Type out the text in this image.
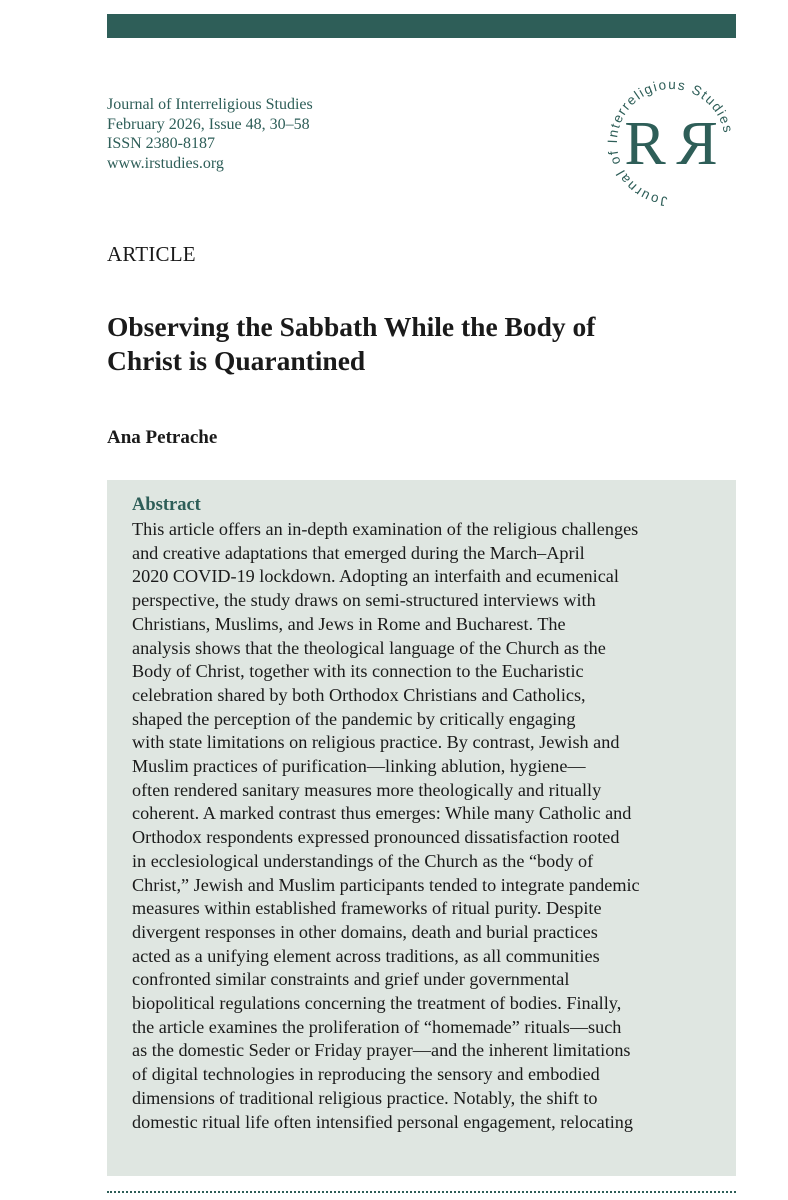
Journal of Interreligious Studies
February 2026, Issue 48, 30–58
ISSN 2380-8187
www.irstudies.org
Journal of Interreligious Studies
R R
ARTICLE
Observing the Sabbath While the Body of
Christ is Quarantined
Ana Petrache
Abstract
This article offers an in-depth examination of the religious challenges
and creative adaptations that emerged during the March–April
2020 COVID-19 lockdown. Adopting an interfaith and ecumenical
perspective, the study draws on semi-structured interviews with
Christians, Muslims, and Jews in Rome and Bucharest. The
analysis shows that the theological language of the Church as the
Body of Christ, together with its connection to the Eucharistic
celebration shared by both Orthodox Christians and Catholics,
shaped the perception of the pandemic by critically engaging
with state limitations on religious practice. By contrast, Jewish and
Muslim practices of purification—linking ablution, hygiene—
often rendered sanitary measures more theologically and ritually
coherent. A marked contrast thus emerges: While many Catholic and
Orthodox respondents expressed pronounced dissatisfaction rooted
in ecclesiological understandings of the Church as the “body of
Christ,” Jewish and Muslim participants tended to integrate pandemic
measures within established frameworks of ritual purity. Despite
divergent responses in other domains, death and burial practices
acted as a unifying element across traditions, as all communities
confronted similar constraints and grief under governmental
biopolitical regulations concerning the treatment of bodies. Finally,
the article examines the proliferation of “homemade” rituals—such
as the domestic Seder or Friday prayer—and the inherent limitations
of digital technologies in reproducing the sensory and embodied
dimensions of traditional religious practice. Notably, the shift to
domestic ritual life often intensified personal engagement, relocating
